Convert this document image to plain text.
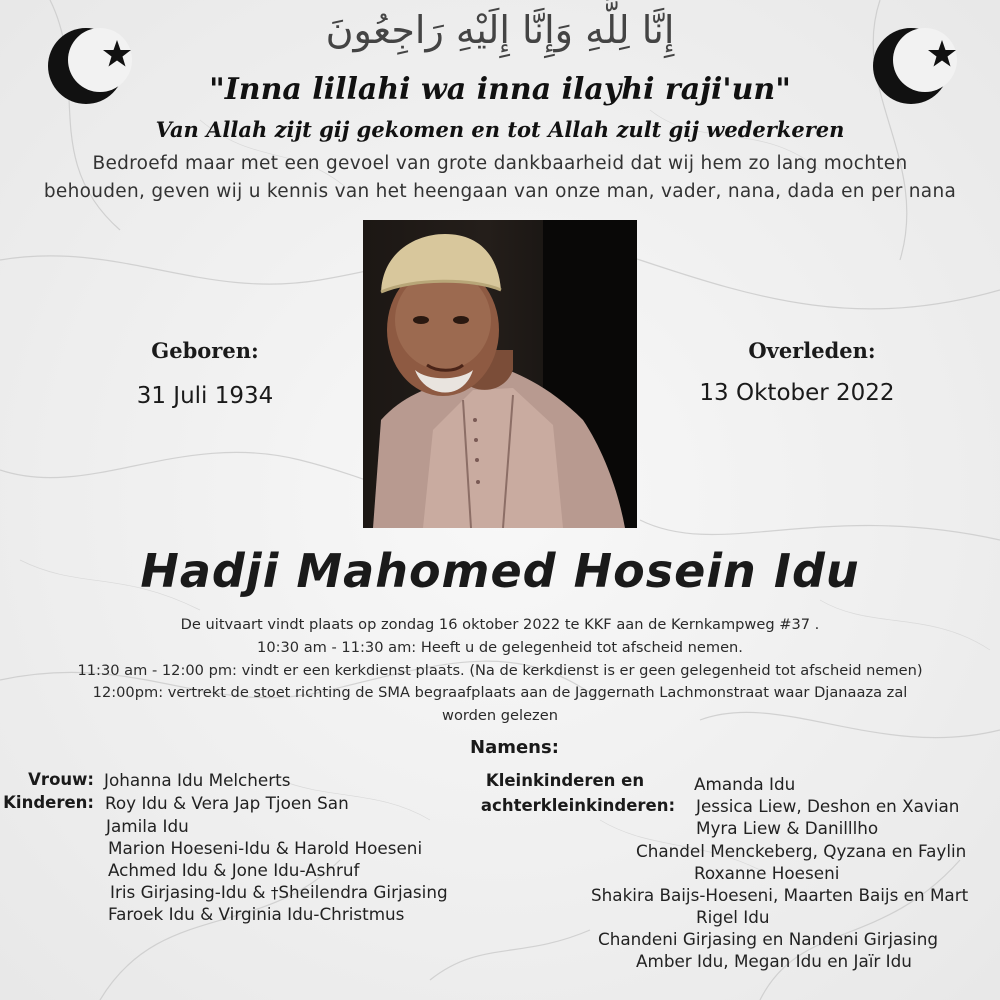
إِنَّا لِلَّهِ وَإِنَّا إِلَيْهِ رَاجِعُونَ
"Inna lillahi wa inna ilayhi raji'un"
Van Allah zijt gij gekomen en tot Allah zult gij wederkeren
Bedroefd maar met een gevoel van grote dankbaarheid dat wij hem zo lang mochten
behouden, geven wij u kennis van het heengaan van onze man, vader, nana, dada en per nana
Geboren:
31 Juli 1934
Overleden:
13 Oktober 2022
Hadji Mahomed Hosein Idu
De uitvaart vindt plaats op zondag 16 oktober 2022 te KKF aan de Kernkampweg #37 .
10:30 am - 11:30 am: Heeft u de gelegenheid tot afscheid nemen.
11:30 am - 12:00 pm: vindt er een kerkdienst plaats. (Na de kerkdienst is er geen gelegenheid tot afscheid nemen)
12:00pm: vertrekt de stoet richting de SMA begraafplaats aan de Jaggernath Lachmonstraat waar Djanaaza zal
worden gelezen
Namens:
Vrouw:
Kinderen:
Johanna Idu Melcherts
Roy Idu & Vera Jap Tjoen San
Jamila Idu
Marion Hoeseni-Idu & Harold Hoeseni
Achmed Idu & Jone Idu-Ashruf
Iris Girjasing-Idu & †Sheilendra Girjasing
Faroek Idu & Virginia Idu-Christmus
Kleinkinderen en
achterkleinkinderen:
Amanda Idu
Jessica Liew, Deshon en Xavian
Myra Liew & Danilllho
Chandel Menckeberg, Qyzana en Faylin
Roxanne Hoeseni
Shakira Baijs-Hoeseni, Maarten Baijs en Mart
Rigel Idu
Chandeni Girjasing en Nandeni Girjasing
Amber Idu, Megan Idu en Jaïr Idu
